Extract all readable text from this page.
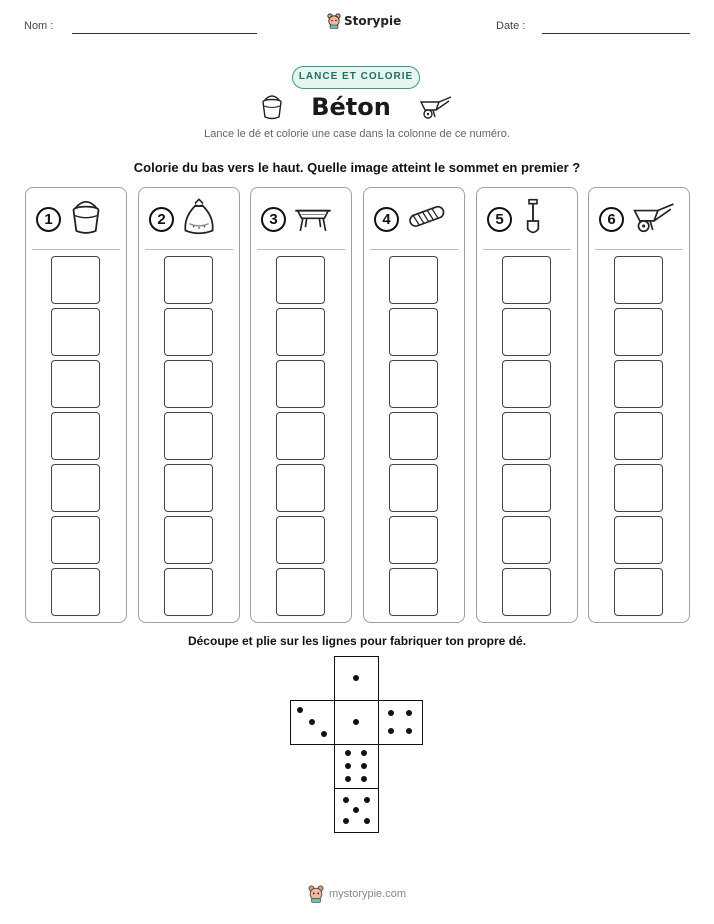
Nom :	Storypie	Date :
LANCE ET COLORIE
Béton
Lance le dé et colorie une case dans la colonne de ce numéro.
Colorie du bas vers le haut. Quelle image atteint le sommet en premier ?
1	2	3	4	5	6
Découpe et plie sur les lignes pour fabriquer ton propre dé.
mystorypie.com
